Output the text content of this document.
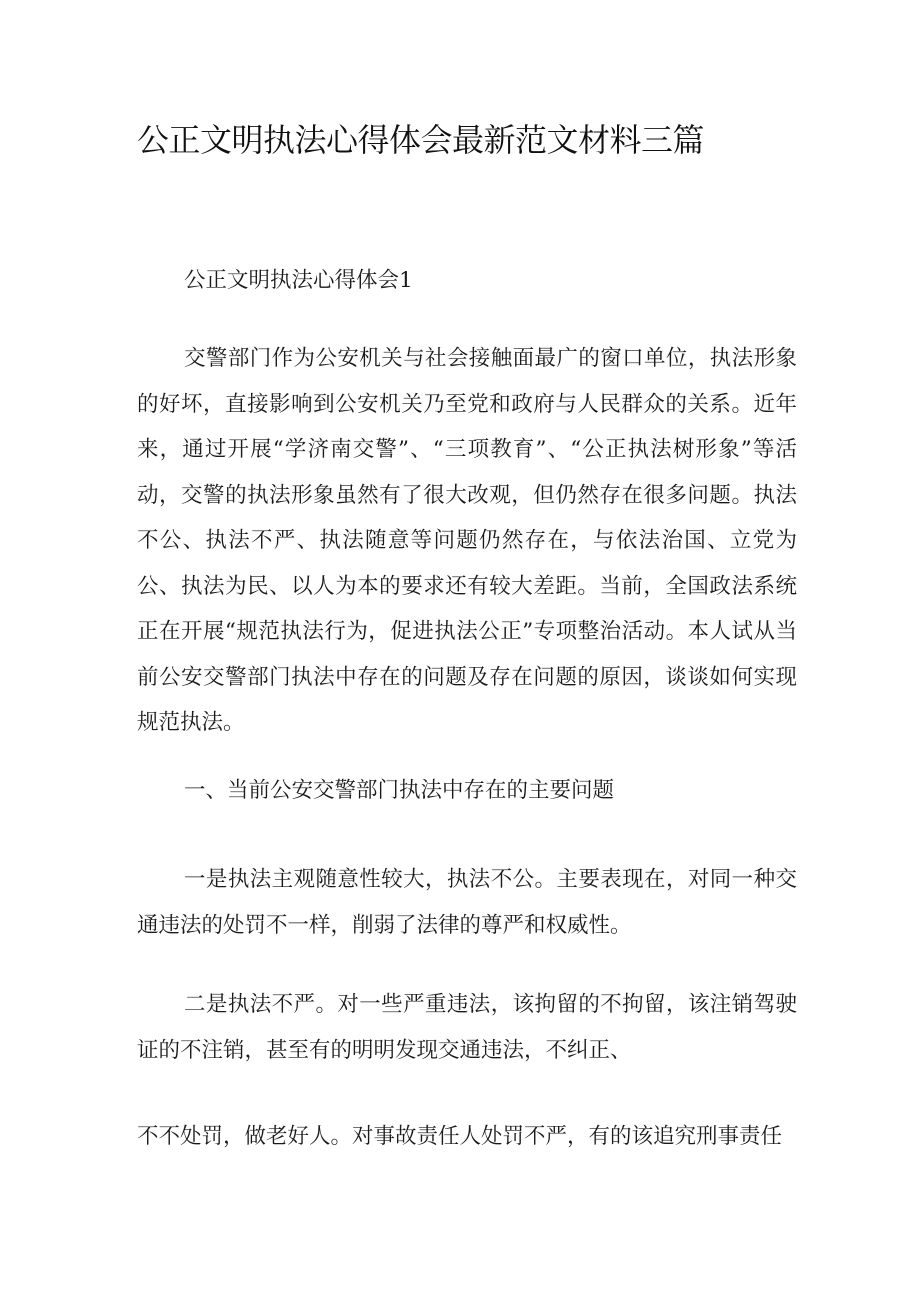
公正文明执法心得体会最新范文材料三篇

公正文明执法心得体会1

交警部门作为公安机关与社会接触面最广的窗口单位，执法形象的好坏，直接影响到公安机关乃至党和政府与人民群众的关系。近年来，通过开展“学济南交警”、“三项教育”、“公正执法树形象”等活动，交警的执法形象虽然有了很大改观，但仍然存在很多问题。执法不公、执法不严、执法随意等问题仍然存在，与依法治国、立党为公、执法为民、以人为本的要求还有较大差距。当前，全国政法系统正在开展“规范执法行为，促进执法公正”专项整治活动。本人试从当前公安交警部门执法中存在的问题及存在问题的原因，谈谈如何实现规范执法。

一、当前公安交警部门执法中存在的主要问题

一是执法主观随意性较大，执法不公。主要表现在，对同一种交通违法的处罚不一样，削弱了法律的尊严和权威性。

二是执法不严。对一些严重违法，该拘留的不拘留，该注销驾驶证的不注销，甚至有的明明发现交通违法，不纠正、

不不处罚，做老好人。对事故责任人处罚不严，有的该追究刑事责任
